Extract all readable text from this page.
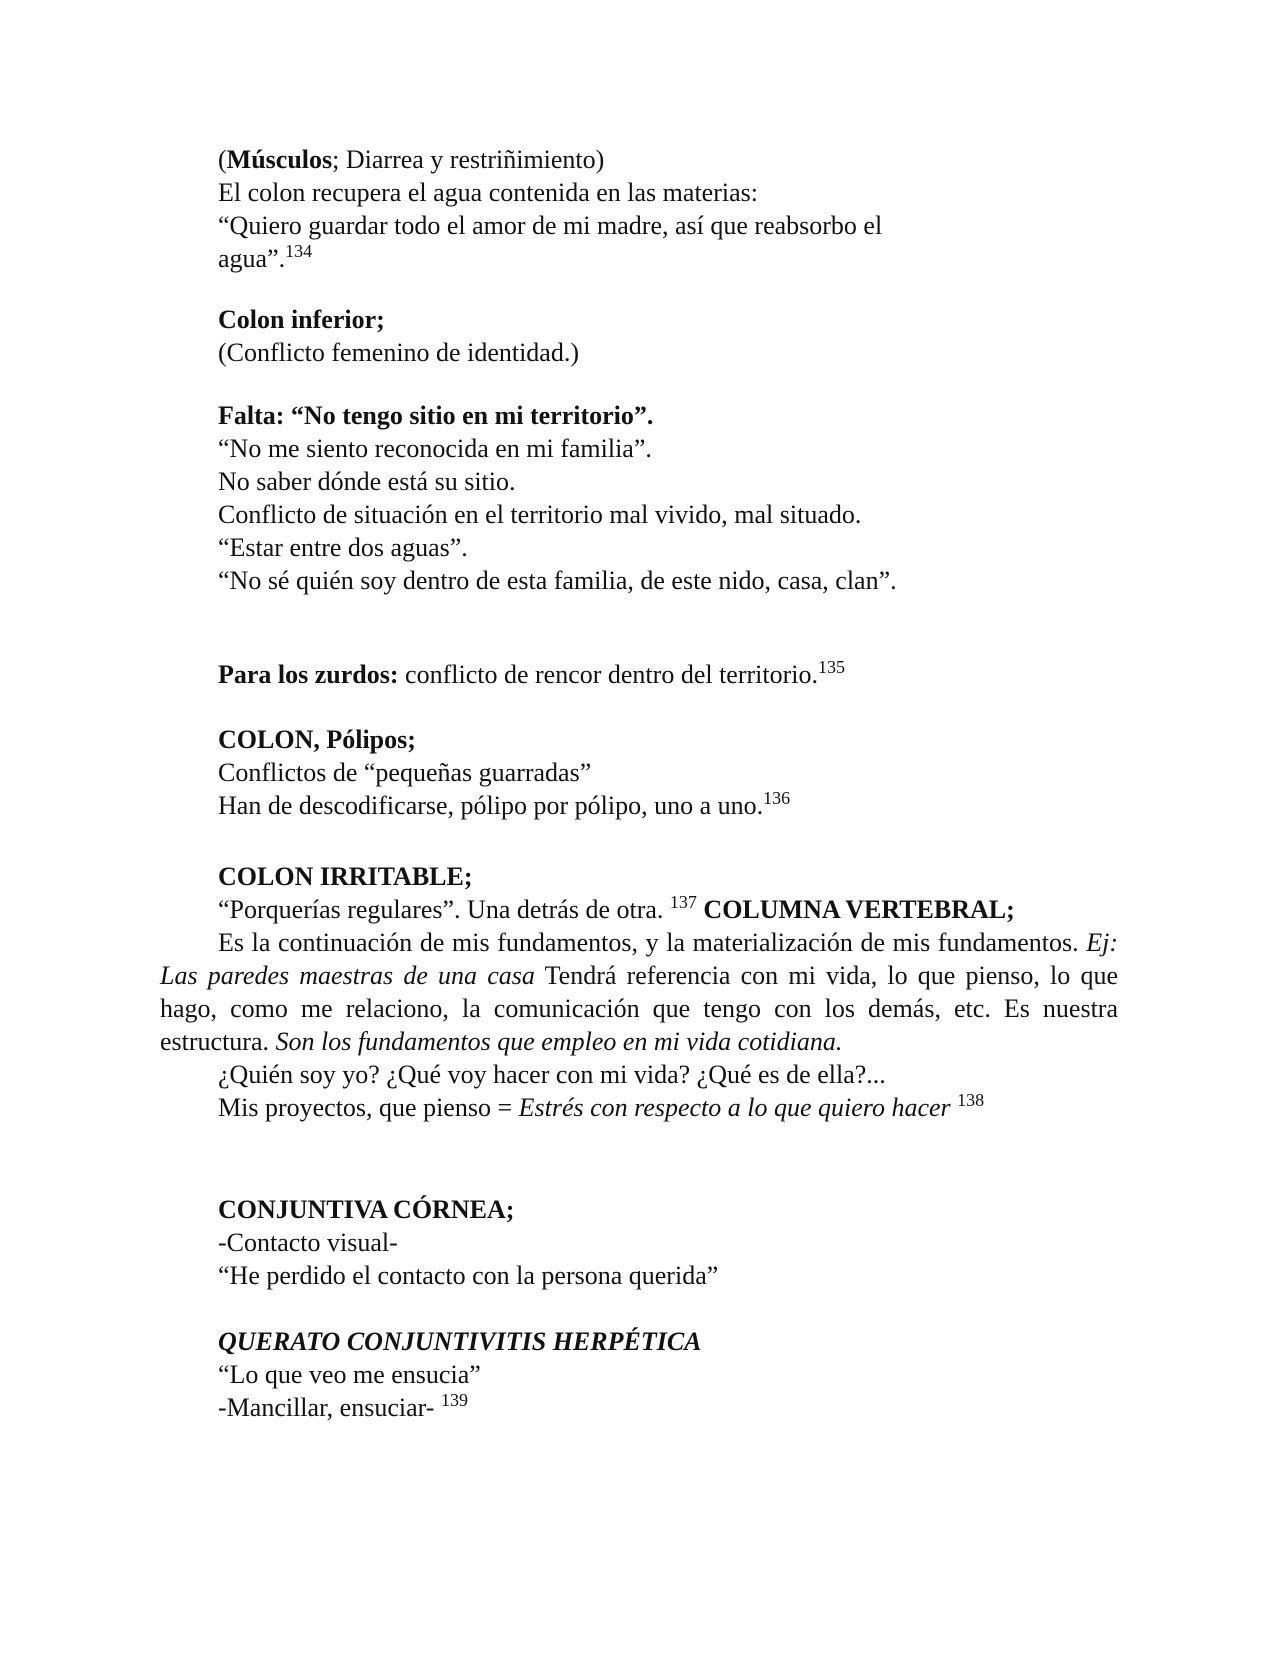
(Músculos; Diarrea y restriñimiento)
El colon recupera el agua contenida en las materias:
“Quiero guardar todo el amor de mi madre, así que reabsorbo el
agua”.$^{134}$
Colon inferior;
(Conflicto femenino de identidad.)
Falta: “No tengo sitio en mi territorio”.
“No me siento reconocida en mi familia”.
No saber dónde está su sitio.
Conflicto de situación en el territorio mal vivido, mal situado.
“Estar entre dos aguas”.
“No sé quién soy dentro de esta familia, de este nido, casa, clan”.
Para los zurdos: conflicto de rencor dentro del territorio.$^{135}$
COLON, Pólipos;
Conflictos de “pequeñas guarradas”
Han de descodificarse, pólipo por pólipo, uno a uno.$^{136}$
COLON IRRITABLE;
“Porquerías regulares”. Una detrás de otra. $^{137}$ COLUMNA VERTEBRAL;
Es la continuación de mis fundamentos, y la materialización de mis fundamentos. Ej: Las paredes maestras de una casa Tendrá referencia con mi vida, lo que pienso, lo que hago, como me relaciono, la comunicación que tengo con los demás, etc. Es nuestra estructura. Son los fundamentos que empleo en mi vida cotidiana.
¿Quién soy yo? ¿Qué voy hacer con mi vida? ¿Qué es de ella?...
Mis proyectos, que pienso = Estrés con respecto a lo que quiero hacer $^{138}$
CONJUNTIVA CÓRNEA;
-Contacto visual-
“He perdido el contacto con la persona querida”
QUERATO CONJUNTIVITIS HERPÉTICA
“Lo que veo me ensucia”
-Mancillar, ensuciar- $^{139}$
